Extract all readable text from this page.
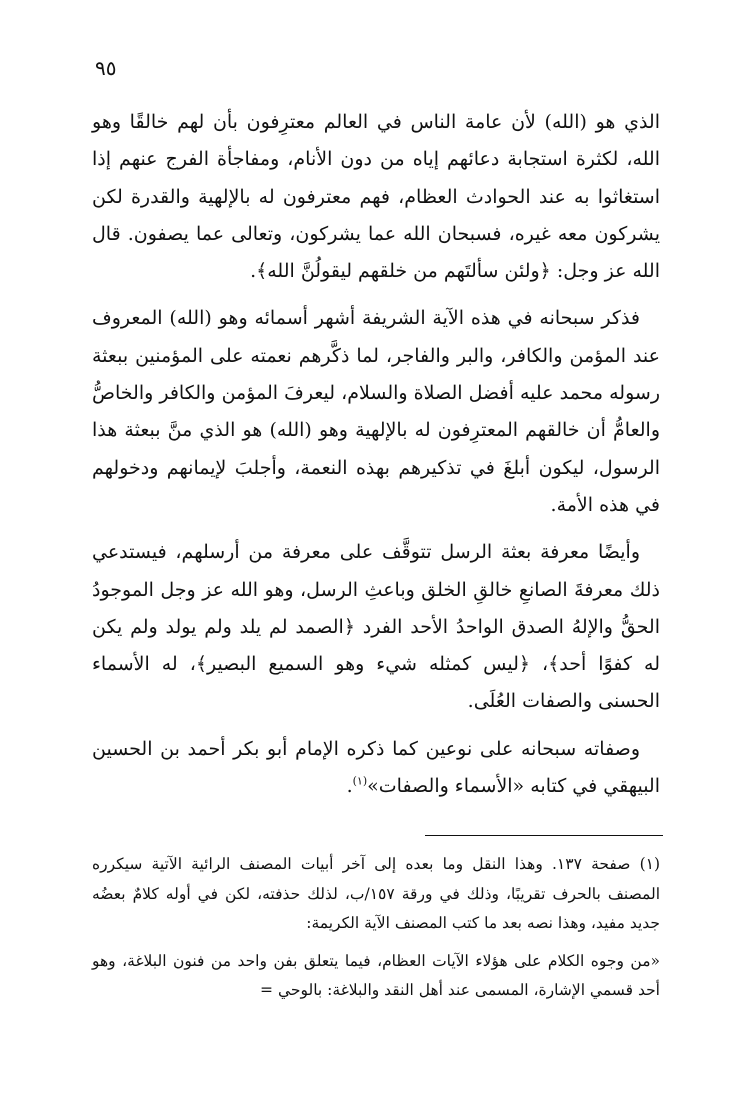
٩٥

الذي هو (الله) لأن عامة الناس في العالم معترِفون بأن لهم خالقًا وهو الله، لكثرة استجابة دعائهم إياه من دون الأنام، ومفاجأة الفرج عنهم إذا استغاثوا به عند الحوادث العظام، فهم معترفون له بالإلهية والقدرة لكن يشركون معه غيره، فسبحان الله عما يشركون، وتعالى عما يصفون. قال الله عز وجل: ﴿ولئن سألتَهم من خلقهم ليقولُنَّ الله﴾.

فذكر سبحانه في هذه الآية الشريفة أشهر أسمائه وهو (الله) المعروف عند المؤمن والكافر، والبر والفاجر، لما ذكَّرهم نعمته على المؤمنين ببعثة رسوله محمد عليه أفضل الصلاة والسلام، ليعرفَ المؤمن والكافر والخاصُّ والعامُّ أن خالقهم المعترِفون له بالإلهية وهو (الله) هو الذي منَّ ببعثة هذا الرسول، ليكون أبلغَ في تذكيرهم بهذه النعمة، وأجلبَ لإيمانهم ودخولهم في هذه الأمة.

وأيضًا معرفة بعثة الرسل تتوقَّف على معرفة من أرسلهم، فيستدعي ذلك معرفةَ الصانعِ خالقِ الخلق وباعثِ الرسل، وهو الله عز وجل الموجودُ الحقُّ والإلهُ الصدق الواحدُ الأحد الفرد ﴿الصمد لم يلد ولم يولد ولم يكن له كفوًا أحد﴾، ﴿ليس كمثله شيء وهو السميع البصير﴾، له الأسماء الحسنى والصفات العُلَى.

وصفاته سبحانه على نوعين كما ذكره الإمام أبو بكر أحمد بن الحسين البيهقي في كتابه «الأسماء والصفات»$^{(١)}$.

(١) صفحة ١٣٧. وهذا النقل وما بعده إلى آخر أبيات المصنف الرائية الآتية سيكرره المصنف بالحرف تقريبًا، وذلك في ورقة ١٥٧/ب، لذلك حذفته، لكن في أوله كلامٌ بعضُه جديد مفيد، وهذا نصه بعد ما كتب المصنف الآية الكريمة:

«من وجوه الكلام على هؤلاء الآيات العظام، فيما يتعلق بفن واحد من فنون البلاغة، وهو أحد قسمي الإشارة، المسمى عند أهل النقد والبلاغة: بالوحي =
